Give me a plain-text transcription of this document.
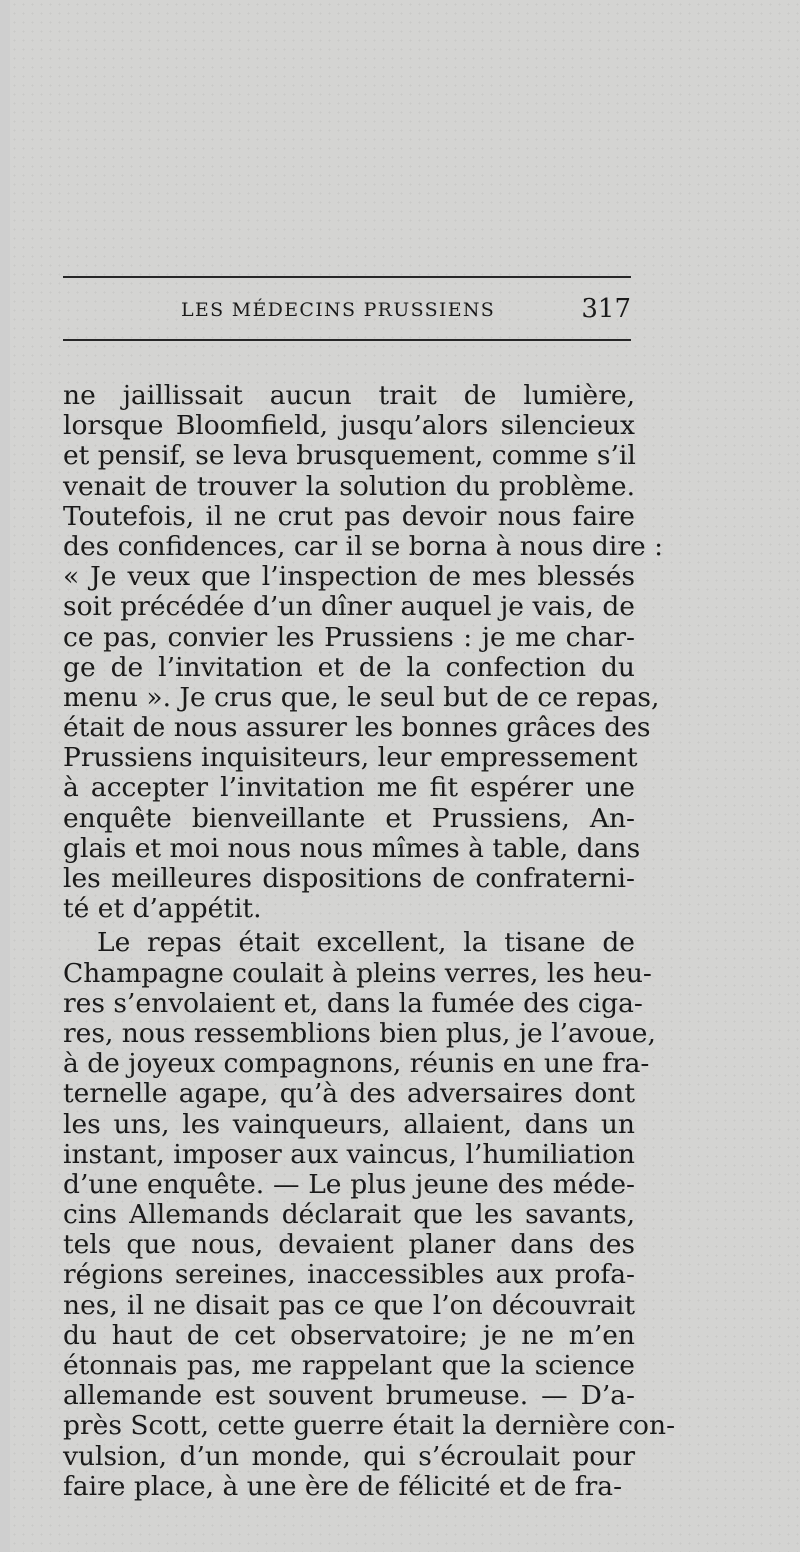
LES MÉDECINS PRUSSIENS	317
ne jaillissait aucun trait de lumière,
lorsque Bloomfield, jusqu’alors silencieux
et pensif, se leva brusquement, comme s’il
venait de trouver la solution du problème.
Toutefois, il ne crut pas devoir nous faire
des confidences, car il se borna à nous dire :
« Je veux que l’inspection de mes blessés
soit précédée d’un dîner auquel je vais, de
ce pas, convier les Prussiens : je me char-
ge de l’invitation et de la confection du
menu ». Je crus que, le seul but de ce repas,
était de nous assurer les bonnes grâces des
Prussiens inquisiteurs, leur empressement
à accepter l’invitation me fit espérer une
enquête bienveillante et Prussiens, An-
glais et moi nous nous mîmes à table, dans
les meilleures dispositions de confraterni-
té et d’appétit.
Le repas était excellent, la tisane de
Champagne coulait à pleins verres, les heu-
res s’envolaient et, dans la fumée des ciga-
res, nous ressemblions bien plus, je l’avoue,
à de joyeux compagnons, réunis en une fra-
ternelle agape, qu’à des adversaires dont
les uns, les vainqueurs, allaient, dans un
instant, imposer aux vaincus, l’humiliation
d’une enquête. — Le plus jeune des méde-
cins Allemands déclarait que les savants,
tels que nous, devaient planer dans des
régions sereines, inaccessibles aux profa-
nes, il ne disait pas ce que l’on découvrait
du haut de cet observatoire; je ne m’en
étonnais pas, me rappelant que la science
allemande est souvent brumeuse. — D’a-
près Scott, cette guerre était la dernière con-
vulsion, d’un monde, qui s’écroulait pour
faire place, à une ère de félicité et de fra-
